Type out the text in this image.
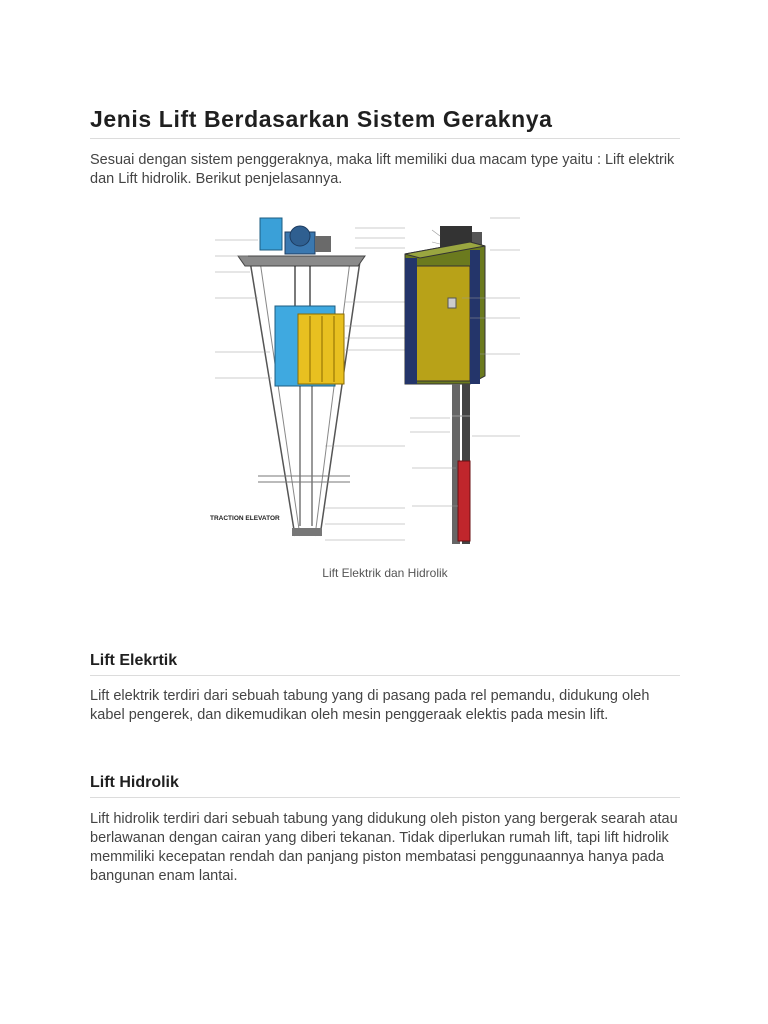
Jenis Lift Berdasarkan Sistem Geraknya

Sesuai dengan sistem penggeraknya, maka lift memiliki dua macam type yaitu : Lift elektrik dan Lift hidrolik. Berikut penjelasannya.

TRACTION ELEVATOR
Lift Elektrik dan Hidrolik
Lift Elekrtik

Lift elektrik terdiri dari sebuah tabung yang di pasang pada rel pemandu, didukung oleh kabel pengerek, dan dikemudikan oleh mesin penggeraak elektis pada mesin lift.

Lift Hidrolik

Lift hidrolik terdiri dari sebuah tabung yang didukung oleh piston yang bergerak searah atau berlawanan dengan cairan yang diberi tekanan. Tidak diperlukan rumah lift, tapi lift hidrolik memmiliki kecepatan rendah dan panjang piston membatasi penggunaannya hanya pada bangunan enam lantai.
